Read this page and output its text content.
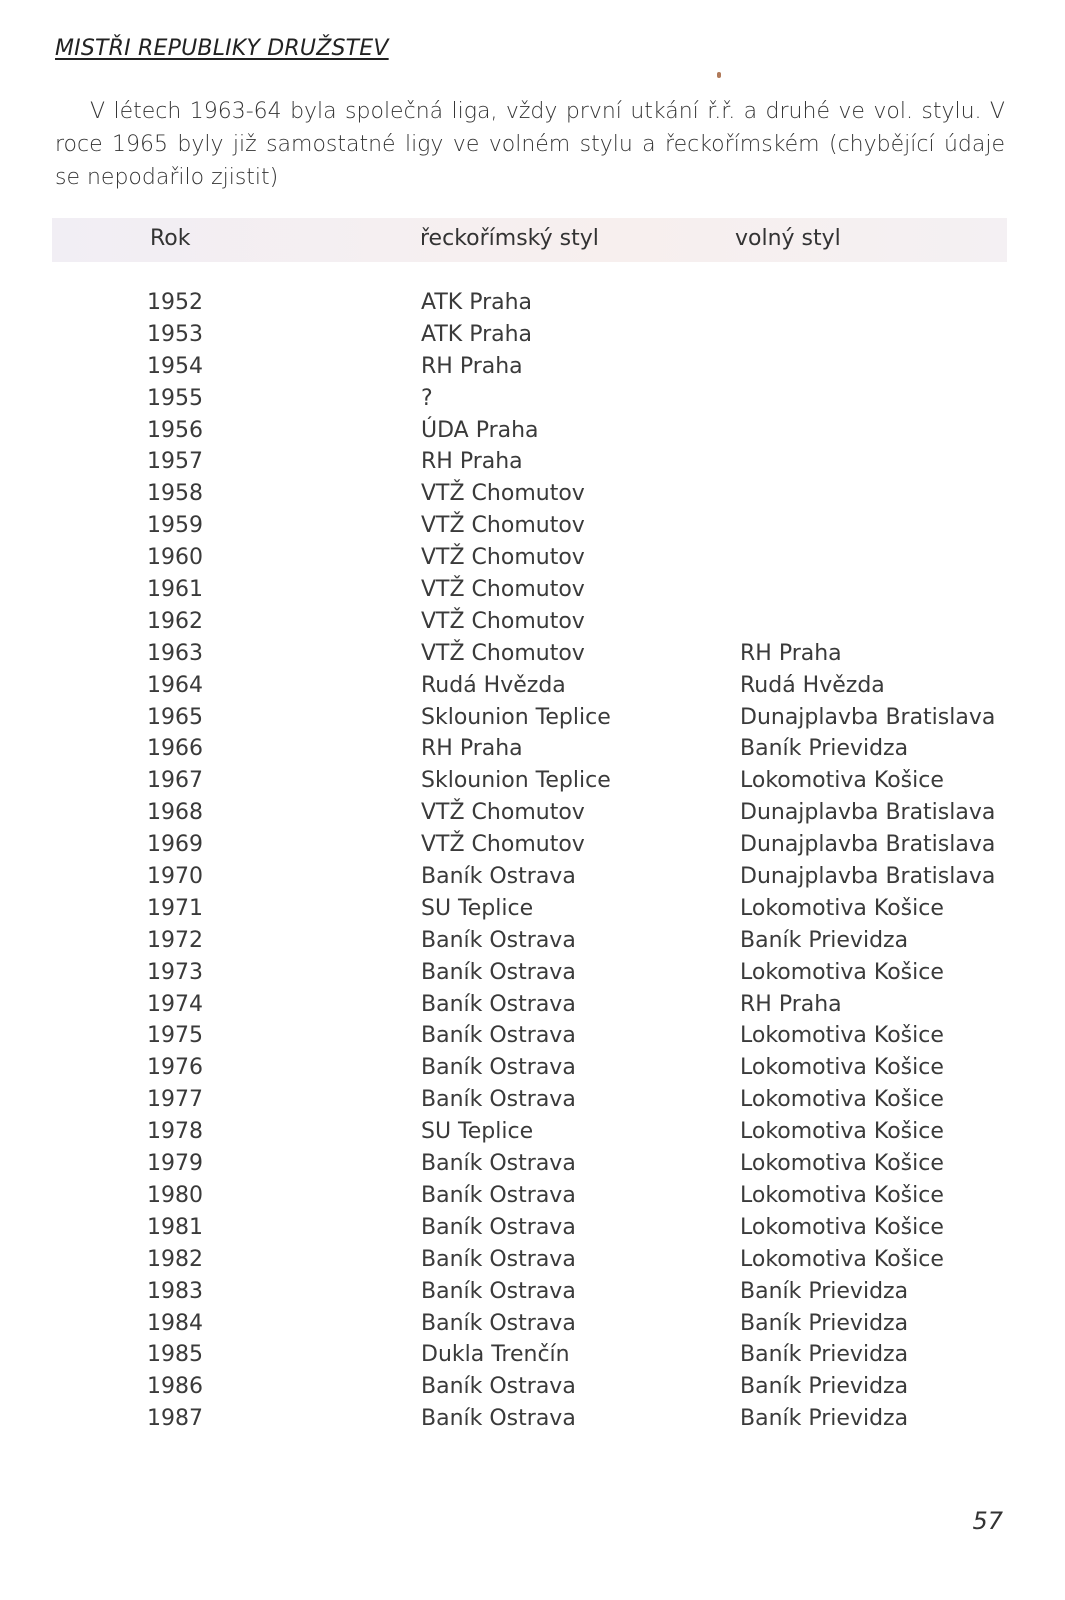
MISTŘI REPUBLIKY DRUŽSTEV
V létech 1963-64 byla společná liga, vždy první utkání ř.ř. a druhé ve vol. stylu. V roce 1965 byly již samostatné ligy ve volném stylu a řeckořímském (chybějící údaje se nepodařilo zjistit)
Rok	řeckořímský styl	volný styl
1952	ATK Praha
1953	ATK Praha
1954	RH Praha
1955	?
1956	ÚDA Praha
1957	RH Praha
1958	VTŽ Chomutov
1959	VTŽ Chomutov
1960	VTŽ Chomutov
1961	VTŽ Chomutov
1962	VTŽ Chomutov
1963	VTŽ Chomutov	RH Praha
1964	Rudá Hvězda	Rudá Hvězda
1965	Sklounion Teplice	Dunajplavba Bratislava
1966	RH Praha	Baník Prievidza
1967	Sklounion Teplice	Lokomotiva Košice
1968	VTŽ Chomutov	Dunajplavba Bratislava
1969	VTŽ Chomutov	Dunajplavba Bratislava
1970	Baník Ostrava	Dunajplavba Bratislava
1971	SU Teplice	Lokomotiva Košice
1972	Baník Ostrava	Baník Prievidza
1973	Baník Ostrava	Lokomotiva Košice
1974	Baník Ostrava	RH Praha
1975	Baník Ostrava	Lokomotiva Košice
1976	Baník Ostrava	Lokomotiva Košice
1977	Baník Ostrava	Lokomotiva Košice
1978	SU Teplice	Lokomotiva Košice
1979	Baník Ostrava	Lokomotiva Košice
1980	Baník Ostrava	Lokomotiva Košice
1981	Baník Ostrava	Lokomotiva Košice
1982	Baník Ostrava	Lokomotiva Košice
1983	Baník Ostrava	Baník Prievidza
1984	Baník Ostrava	Baník Prievidza
1985	Dukla Trenčín	Baník Prievidza
1986	Baník Ostrava	Baník Prievidza
1987	Baník Ostrava	Baník Prievidza
57
